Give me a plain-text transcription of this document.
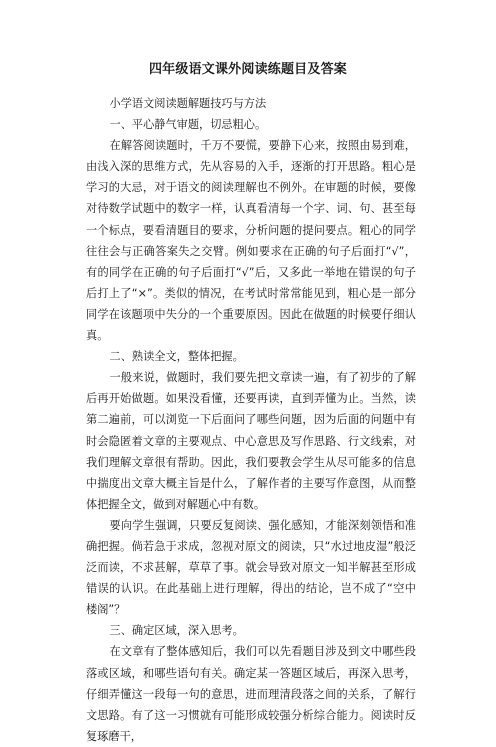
四年级语文课外阅读练题目及答案

小学语文阅读题解题技巧与方法

一、平心静气审题，切忌粗心。

在解答阅读题时，千万不要慌，要静下心来，按照由易到难，由浅入深的思维方式，先从容易的入手，逐渐的打开思路。粗心是学习的大忌，对于语文的阅读理解也不例外。在审题的时候，要像对待数学试题中的数字一样，认真看清每一个字、词、句、甚至每一个标点，要看清题目的要求，分析问题的提问要点。粗心的同学往往会与正确答案失之交臂。例如要求在正确的句子后面打“√”，有的同学在正确的句子后面打“√”后，又多此一举地在错误的句子后打上了“×”。类似的情况，在考试时常常能见到，粗心是一部分同学在该题项中失分的一个重要原因。因此在做题的时候要仔细认真。

二、熟读全文，整体把握。

一般来说，做题时，我们要先把文章读一遍，有了初步的了解后再开始做题。如果没看懂，还要再读，直到弄懂为止。当然，读第二遍前，可以浏览一下后面问了哪些问题，因为后面的问题中有时会隐匿着文章的主要观点、中心意思及写作思路、行文线索，对我们理解文章很有帮助。因此，我们要教会学生从尽可能多的信息中揣度出文章大概主旨是什么，了解作者的主要写作意图，从而整体把握全文，做到对解题心中有数。

要向学生强调，只要反复阅读、强化感知，才能深刻领悟和准确把握。倘若急于求成，忽视对原文的阅读，只“水过地皮湿”般泛泛而读，不求甚解，草草了事。就会导致对原文一知半解甚至形成错误的认识。在此基础上进行理解，得出的结论，岂不成了“空中楼阁”？

三、确定区域，深入思考。

在文章有了整体感知后，我们可以先看题目涉及到文中哪些段落或区域，和哪些语句有关。确定某一答题区域后，再深入思考，仔细弄懂这一段每一句的意思，进而理清段落之间的关系，了解行文思路。有了这一习惯就有可能形成较强分析综合能力。阅读时反复琢磨干，
